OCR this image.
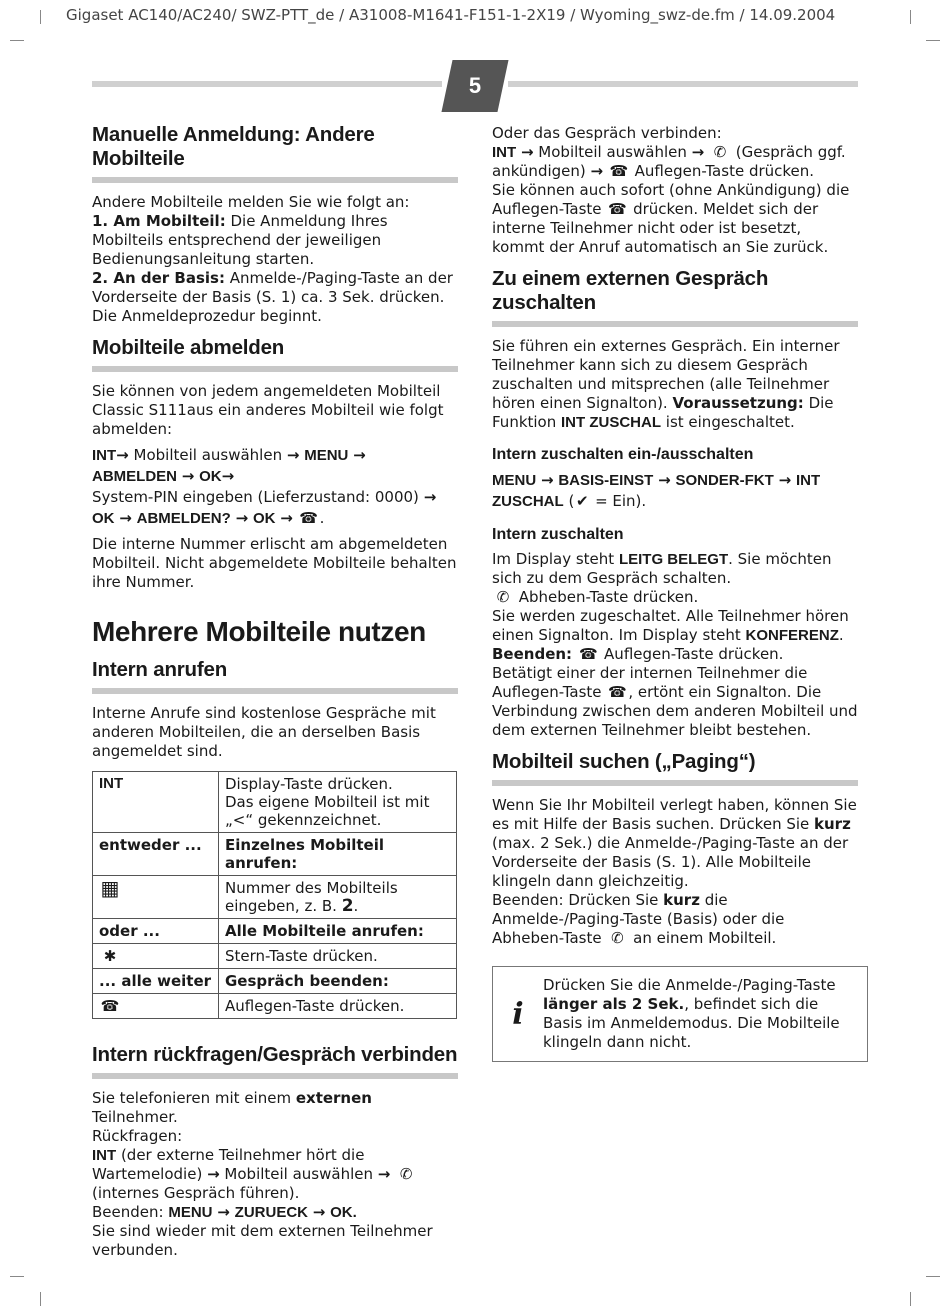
Gigaset AC140/AC240/ SWZ-PTT_de / A31008-M1641-F151-1-2X19 / Wyoming_swz-de.fm / 14.09.2004
5
Manuelle Anmeldung: Andere Mobilteile

Andere Mobilteile melden Sie wie folgt an:

1. Am Mobilteil: Die Anmeldung Ihres Mobilteils entsprechend der jeweiligen Bedienungsanleitung starten.

2. An der Basis: Anmelde-/Paging-Taste an der Vorderseite der Basis (S. 1) ca. 3 Sek. drücken. Die Anmeldeprozedur beginnt.

Mobilteile abmelden

Sie können von jedem angemeldeten Mobilteil Classic S111aus ein anderes Mobilteil wie folgt abmelden:

INT→ Mobilteil auswählen → MENU →
ABMELDEN → OK→
System-PIN eingeben (Lieferzustand: 0000) →
OK → ABMELDEN? → OK → ☎ .

Die interne Nummer erlischt am abgemeldeten Mobilteil. Nicht abgemeldete Mobilteile behalten ihre Nummer.

Mehrere Mobilteile nutzen
Intern anrufen

Interne Anrufe sind kostenlose Gespräche mit anderen Mobilteilen, die an derselben Basis angemeldet sind.

INT	Display-Taste drücken.
Das eigene Mobilteil ist mit „<“ gekennzeichnet.

entweder ...	Einzelnes Mobilteil anrufen:
▦	Nummer des Mobilteils eingeben, z. B. 2.
oder ...	Alle Mobilteile anrufen:
✱	Stern-Taste drücken.
... alle weiter	Gespräch beenden:
☎	Auflegen-Taste drücken.
Intern rückfragen/Gespräch verbinden

Sie telefonieren mit einem externen Teilnehmer.

Rückfragen:

INT (der externe Teilnehmer hört die Wartemelodie) → Mobilteil auswählen → ✆ (internes Gespräch führen).

Beenden: MENU → ZURUECK → OK.

Sie sind wieder mit dem externen Teilnehmer verbunden.

Oder das Gespräch verbinden:

INT → Mobilteil auswählen → ✆ (Gespräch ggf. ankündigen) → ☎ Auflegen-Taste drücken.

Sie können auch sofort (ohne Ankündigung) die Auflegen-Taste ☎ drücken. Meldet sich der interne Teilnehmer nicht oder ist besetzt, kommt der Anruf automatisch an Sie zurück.

Zu einem externen Gespräch zuschalten

Sie führen ein externes Gespräch. Ein interner Teilnehmer kann sich zu diesem Gespräch zuschalten und mitsprechen (alle Teilnehmer hören einen Signalton). Voraussetzung: Die Funktion INT ZUSCHAL ist eingeschaltet.

Intern zuschalten ein-/ausschalten

MENU → BASIS-EINST → SONDER-FKT → INT ZUSCHAL ( ✔ = Ein).

Intern zuschalten

Im Display steht LEITG BELEGT. Sie möchten sich zu dem Gespräch schalten.

✆ Abheben-Taste drücken.

Sie werden zugeschaltet. Alle Teilnehmer hören einen Signalton. Im Display steht KONFERENZ.

Beenden: ☎ Auflegen-Taste drücken.

Betätigt einer der internen Teilnehmer die Auflegen-Taste ☎ , ertönt ein Signalton. Die Verbindung zwischen dem anderen Mobilteil und dem externen Teilnehmer bleibt bestehen.

Mobilteil suchen („Paging“)

Wenn Sie Ihr Mobilteil verlegt haben, können Sie es mit Hilfe der Basis suchen. Drücken Sie kurz (max. 2 Sek.) die Anmelde-/Paging-Taste an der Vorderseite der Basis (S. 1). Alle Mobilteile klingeln dann gleichzeitig.

Beenden: Drücken Sie kurz die Anmelde-/Paging-Taste (Basis) oder die Abheben-Taste ✆ an einem Mobilteil.

i

Drücken Sie die Anmelde-/Paging-Taste länger als 2 Sek., befindet sich die Basis im Anmeldemodus. Die Mobilteile klingeln dann nicht.
